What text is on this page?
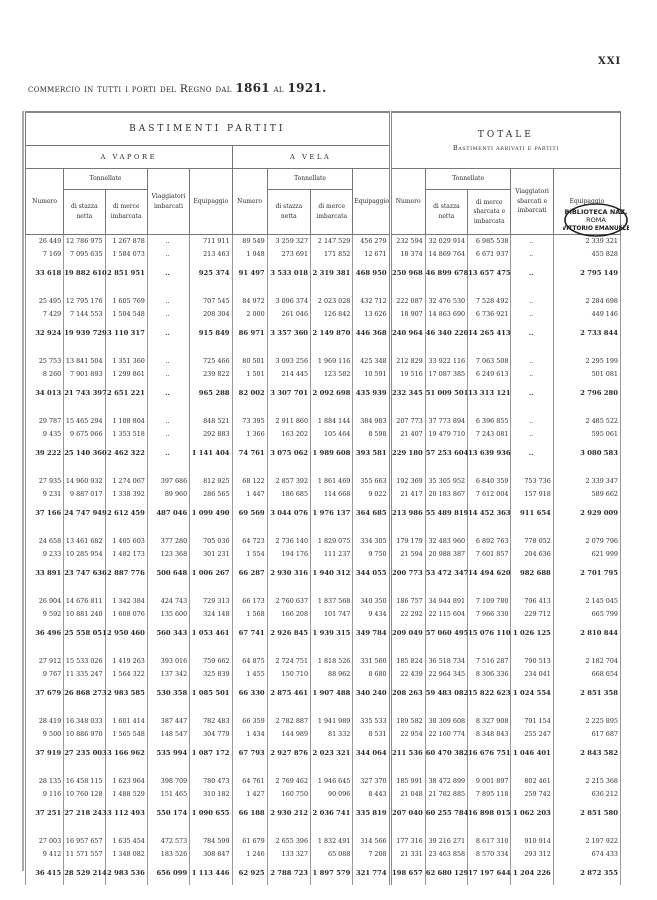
XXI
commercio in tutti i porti del Regno dal 1861 al 1921.
BASTIMENTI PARTITI									TOTALE
Bastimenti arrivati e partiti				

A VAPORE					A VELA								
Numero	Tonnellate		Viaggiatori imbarcati	Equipaggio	Numero	Tonnellate		Equipaggio	Numero	Tonnellate		Viaggiatori sbarcati e imbarcati	Equipaggio
	di stazza netta	di merce imbarcata				di stazza netta	di merce imbarcata			di stazza netta	di merce sbarcata e imbarcata		
26 449	12 786 975	1 267 878	..	711 911	89 549	3 259 327	2 147 529	456 279	232 594	32 029 914	6 985 538	..	2 339 321
7 169	7 095 635	1 584 073	..	213 463	1 948	273 691	171 852	12 671	18 374	14 869 764	6 671 937	..	455 828
33 618	19 882 610	2 851 951	..	925 374	91 497	3 533 018	2 319 381	468 950	250 968	46 899 678	13 657 475	..	2 795 149

25 495	12 795 176	1 605 769	..	707 545	84 972	3 096 374	2 023 028	432 712	222 087	32 476 530	7 528 492	..	2 284 698
7 429	7 144 553	1 504 548	..	208 304	2 000	261 046	126 842	13 626	18 907	14 863 690	6 736 921	..	449 146
32 924	19 939 729	3 110 317	..	915 849	86 971	3 357 360	2 149 870	446 368	240 964	46 340 220	14 265 413	..	2 733 844

25 753	13 841 504	1 351 360	..	725 466	80 501	3 093 256	1 969 116	425 348	212 829	33 922 116	7 063 508	..	2 295 199
8 260	7 901 893	1 299 861	..	239 822	1 501	214 445	123 582	10 591	19 516	17 087 385	6 249 613	..	501 081
34 013	21 743 397	2 651 221	..	965 288	82 002	3 307 701	2 092 698	435 939	232 345	51 009 501	13 313 121	..	2 796 280

29 787	15 465 294	1 108 804	..	848 521	73 395	2 911 860	1 884 144	384 983	207 773	37 773 894	6 396 855	..	2 485 522
9 435	9 675 066	1 353 518	..	292 883	1 366	163 202	105 464	8 598	21 407	19 479 710	7 243 081	..	595 061
39 222	25 140 360	2 462 322	..	1 141 404	74 761	3 075 062	1 989 608	393 581	229 180	57 253 604	13 639 936	..	3 080 583

27 935	14 960 932	1 274 067	397 686	812 925	68 122	2 857 392	1 861 469	355 663	192 369	35 305 952	6 840 359	753 736	2 339 347
9 231	9 887 017	1 338 392	89 960	286 565	1 447	186 685	114 668	9 022	21 417	20 183 867	7 612 004	157 918	589 662
37 166	24 747 949	2 612 459	487 046	1 099 490	69 569	3 044 076	1 976 137	364 685	213 986	55 489 819	14 452 363	911 654	2 929 009

24 658	13 461 682	1 405 603	377 280	705 036	64 723	2 736 140	1 829 075	334 305	179 179	32 483 960	6 892 763	778 052	2 079 796
9 233	10 285 954	1 482 173	123 368	301 231	1 554	194 176	111 237	9 750	21 594	20 988 387	7 601 857	204 636	621 999
33 891	23 747 636	2 887 776	500 648	1 006 267	66 287	2 930 316	1 940 312	344 055	200 773	53 472 347	14 494 620	982 688	2 701 795

26 904	14 676 811	1 342 384	424 743	729 313	66 173	2 760 637	1 837 568	340 350	186 757	34 944 891	7 109 780	796 413	2 145 045
9 592	10 881 240	1 608 076	135 600	324 148	1 568	166 208	101 747	9 434	22 292	22 115 604	7 966 330	229 712	665 799
36 496	25 558 051	2 950 460	560 343	1 053 461	67 741	2 926 845	1 939 315	349 784	209 049	57 060 495	15 076 110	1 026 125	2 810 844

27 912	15 533 026	1 419 263	393 016	759 662	64 875	2 724 751	1 818 526	331 560	185 824	36 518 734	7 516 287	790 513	2 182 704
9 767	11 335 247	1 564 322	137 342	325 839	1 455	150 710	88 962	8 680	22 439	22 964 345	8 306 336	234 041	668 654
37 679	26 868 273	2 983 585	530 358	1 085 501	66 330	2 875 461	1 907 488	340 240	208 263	59 483 082	15 822 623	1 024 554	2 851 358

28 419	16 348 033	1 601 414	387 447	782 483	66 359	2 782 887	1 941 989	335 533	189 582	38 309 608	8 327 908	791 154	2 225 895
9 500	10 886 970	1 565 548	148 547	304 779	1 434	144 989	81 332	8 531	22 954	22 160 774	8 348 843	255 247	617 687
37 919	27 235 003	3 166 962	535 994	1 087 172	67 793	2 927 876	2 023 321	344 064	211 536	60 470 382	16 676 751	1 046 401	2 843 582

28 135	16 458 115	1 623 964	398 709	780 473	64 761	2 769 462	1 946 645	327 370	185 991	38 472 899	9 001 897	802 461	2 215 368
9 116	10 760 128	1 488 529	151 465	310 182	1 427	160 750	90 096	8 443	21 048	21 782 885	7 895 118	259 742	636 212
37 251	27 218 243	3 112 493	550 174	1 090 655	66 188	2 930 212	2 036 741	335 819	207 040	60 255 784	16 898 015	1 062 203	2 851 580

27 003	16 957 657	1 635 454	472 573	784 599	61 679	2 655 396	1 832 491	314 566	177 316	39 216 271	8 617 310	910 914	2 197 922
9 412	11 571 557	1 348 082	183 526	308 847	1 246	133 327	65 088	7 208	21 331	23 463 858	8 570 334	293 312	674 433
36 415	28 529 214	2 983 536	656 099	1 113 446	62 925	2 788 723	1 897 579	321 774	198 657	62 680 129	17 197 644	1 204 226	2 872 355
BIBLIOTECA NAZ.
ROMA
VITTORIO EMANUELE
